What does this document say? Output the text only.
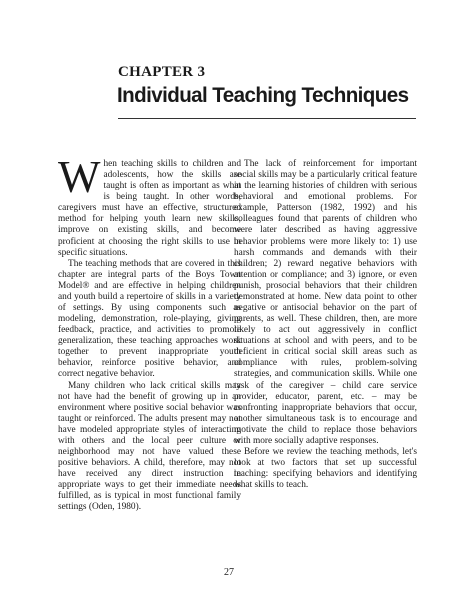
CHAPTER 3
Individual Teaching Techniques

When teaching skills to children and adolescents, how the skills are taught is often as important as what is being taught. In other words, caregivers must have an effective, structured method for helping youth learn new skills, improve on existing skills, and become proficient at choosing the right skills to use in specific situations.

The teaching methods that are covered in this chapter are integral parts of the Boys Town Model® and are effective in helping children and youth build a repertoire of skills in a variety of settings. By using components such as modeling, demonstration, role-playing, giving feedback, practice, and activities to promote generalization, these teaching approaches work together to prevent inappropriate youth behavior, reinforce positive behavior, and correct negative behavior.

Many children who lack critical skills may not have had the benefit of growing up in an environment where positive social behavior was taught or reinforced. The adults present may not have modeled appropriate styles of interacting with others and the local peer culture or neighborhood may not have valued these positive behaviors. A child, therefore, may not have received any direct instruction in appropriate ways to get their immediate needs fulfilled, as is typical in most functional family settings (Oden, 1980).

The lack of reinforcement for important social skills may be a particularly critical feature in the learning histories of children with serious behavioral and emotional problems. For example, Patterson (1982, 1992) and his colleagues found that parents of children who were later described as having aggressive behavior problems were more likely to: 1) use harsh commands and demands with their children; 2) reward negative behaviors with attention or compliance; and 3) ignore, or even punish, prosocial behaviors that their children demonstrated at home. New data point to other negative or antisocial behavior on the part of parents, as well. These children, then, are more likely to act out aggressively in conflict situations at school and with peers, and to be deficient in critical social skill areas such as compliance with rules, problem-solving strategies, and communication skills. While one task of the caregiver – child care service provider, educator, parent, etc. – may be confronting inappropriate behaviors that occur, another simultaneous task is to encourage and motivate the child to replace those behaviors with more socially adaptive responses.

Before we review the teaching methods, let's look at two factors that set up successful teaching: specifying behaviors and identifying what skills to teach.

27
